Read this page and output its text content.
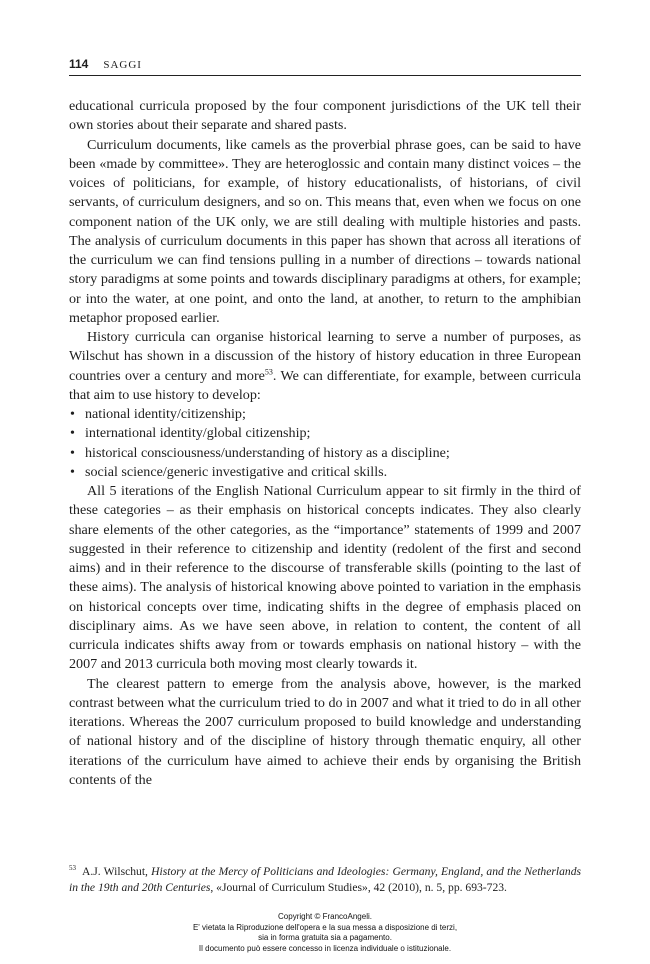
114 SAGGI

educational curricula proposed by the four component jurisdictions of the UK tell their own stories about their separate and shared pasts.

Curriculum documents, like camels as the proverbial phrase goes, can be said to have been «made by committee». They are heteroglossic and contain many distinct voices – the voices of politicians, for example, of history educationalists, of historians, of civil servants, of curriculum designers, and so on. This means that, even when we focus on one component nation of the UK only, we are still dealing with multiple histories and pasts. The analysis of curriculum documents in this paper has shown that across all iterations of the curriculum we can find tensions pulling in a number of directions – towards national story paradigms at some points and towards disciplinary paradigms at others, for example; or into the water, at one point, and onto the land, at another, to return to the amphibian metaphor proposed earlier.

History curricula can organise historical learning to serve a number of purposes, as Wilschut has shown in a discussion of the history of history education in three European countries over a century and more$^{53}$. We can differentiate, for example, between curricula that aim to use history to develop:

• national identity/citizenship;
• international identity/global citizenship;
• historical consciousness/understanding of history as a discipline;
• social science/generic investigative and critical skills.

All 5 iterations of the English National Curriculum appear to sit firmly in the third of these categories – as their emphasis on historical concepts indicates. They also clearly share elements of the other categories, as the “importance” statements of 1999 and 2007 suggested in their reference to citizenship and identity (redolent of the first and second aims) and in their reference to the discourse of transferable skills (pointing to the last of these aims). The analysis of historical knowing above pointed to variation in the emphasis on historical concepts over time, indicating shifts in the degree of emphasis placed on disciplinary aims. As we have seen above, in relation to content, the content of all curricula indicates shifts away from or towards emphasis on national history – with the 2007 and 2013 curricula both moving most clearly towards it.

The clearest pattern to emerge from the analysis above, however, is the marked contrast between what the curriculum tried to do in 2007 and what it tried to do in all other iterations. Whereas the 2007 curriculum proposed to build knowledge and understanding of national history and of the discipline of history through thematic enquiry, all other iterations of the curriculum have aimed to achieve their ends by organising the British contents of the

$^{53}$ A.J. Wilschut, History at the Mercy of Politicians and Ideologies: Germany, England, and the Netherlands in the 19th and 20th Centuries, «Journal of Curriculum Studies», 42 (2010), n. 5, pp. 693-723.
Copyright © FrancoAngeli.
E' vietata la Riproduzione dell'opera e la sua messa a disposizione di terzi,
sia in forma gratuita sia a pagamento.
Il documento può essere concesso in licenza individuale o istituzionale.
